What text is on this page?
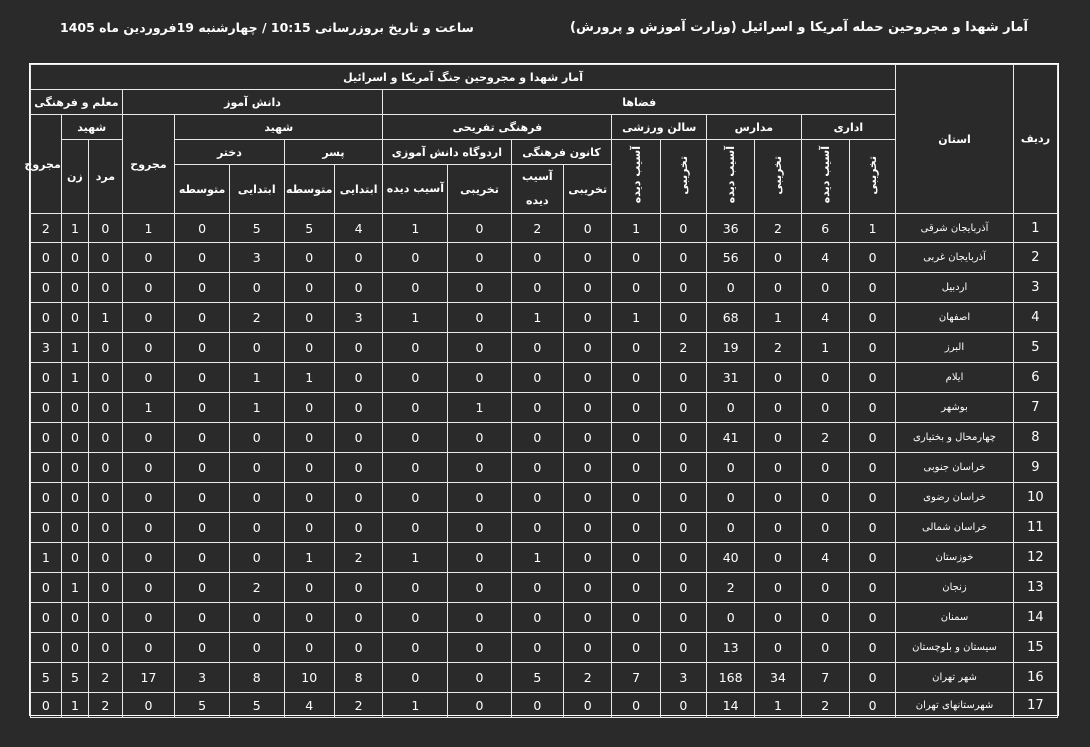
آمار شهدا و مجروحین حمله آمریکا و اسرائیل (وزارت آموزش و پرورش)
ساعت و تاریخ بروزرسانی 10:15 / چهارشنبه 19فروردین ماه 1405
ردیف	استان	آمار شهدا و مجروحین جنگ آمریکا و اسرائیل																	
		فضاها										دانش آموز					معلم و فرهنگی		
		اداری		مدارس		سالن ورزشی		فرهنگی تفریحی				شهید				مجروح	شهید		مجروح
		تخریبی	آسیب دیده	تخریبی	آسیب دیده	تخریبی	آسیب دیده	کانون فرهنگی		اردوگاه دانش آموزی		پسر		دختر			مرد	زن	
								تخریبی	آسیب دیده	تخریبی	آسیب دیده	ابتدایی	متوسطه	ابتدایی	متوسطه				
1	آذربایجان شرقی	1	6	2	36	0	1	0	2	0	1	4	5	5	0	1	0	1	2
2	آذربایجان غربی	0	4	0	56	0	0	0	0	0	0	0	0	3	0	0	0	0	0
3	اردبیل	0	0	0	0	0	0	0	0	0	0	0	0	0	0	0	0	0	0
4	اصفهان	0	4	1	68	0	1	0	1	0	1	3	0	2	0	0	1	0	0
5	البرز	0	1	2	19	2	0	0	0	0	0	0	0	0	0	0	0	1	3
6	ایلام	0	0	0	31	0	0	0	0	0	0	0	1	1	0	0	0	1	0
7	بوشهر	0	0	0	0	0	0	0	0	1	0	0	0	1	0	1	0	0	0
8	چهارمحال و بختیاری	0	2	0	41	0	0	0	0	0	0	0	0	0	0	0	0	0	0
9	خراسان جنوبی	0	0	0	0	0	0	0	0	0	0	0	0	0	0	0	0	0	0
10	خراسان رضوی	0	0	0	0	0	0	0	0	0	0	0	0	0	0	0	0	0	0
11	خراسان شمالی	0	0	0	0	0	0	0	0	0	0	0	0	0	0	0	0	0	0
12	خوزستان	0	4	0	40	0	0	0	1	0	1	2	1	0	0	0	0	0	1
13	زنجان	0	0	0	2	0	0	0	0	0	0	0	0	2	0	0	0	1	0
14	سمنان	0	0	0	0	0	0	0	0	0	0	0	0	0	0	0	0	0	0
15	سیستان و بلوچستان	0	0	0	13	0	0	0	0	0	0	0	0	0	0	0	0	0	0
16	شهر تهران	0	7	34	168	3	7	2	5	0	0	8	10	8	3	17	2	5	5
17	شهرستانهای تهران	0	2	1	14	0	0	0	0	0	1	2	4	5	5	0	2	1	0
